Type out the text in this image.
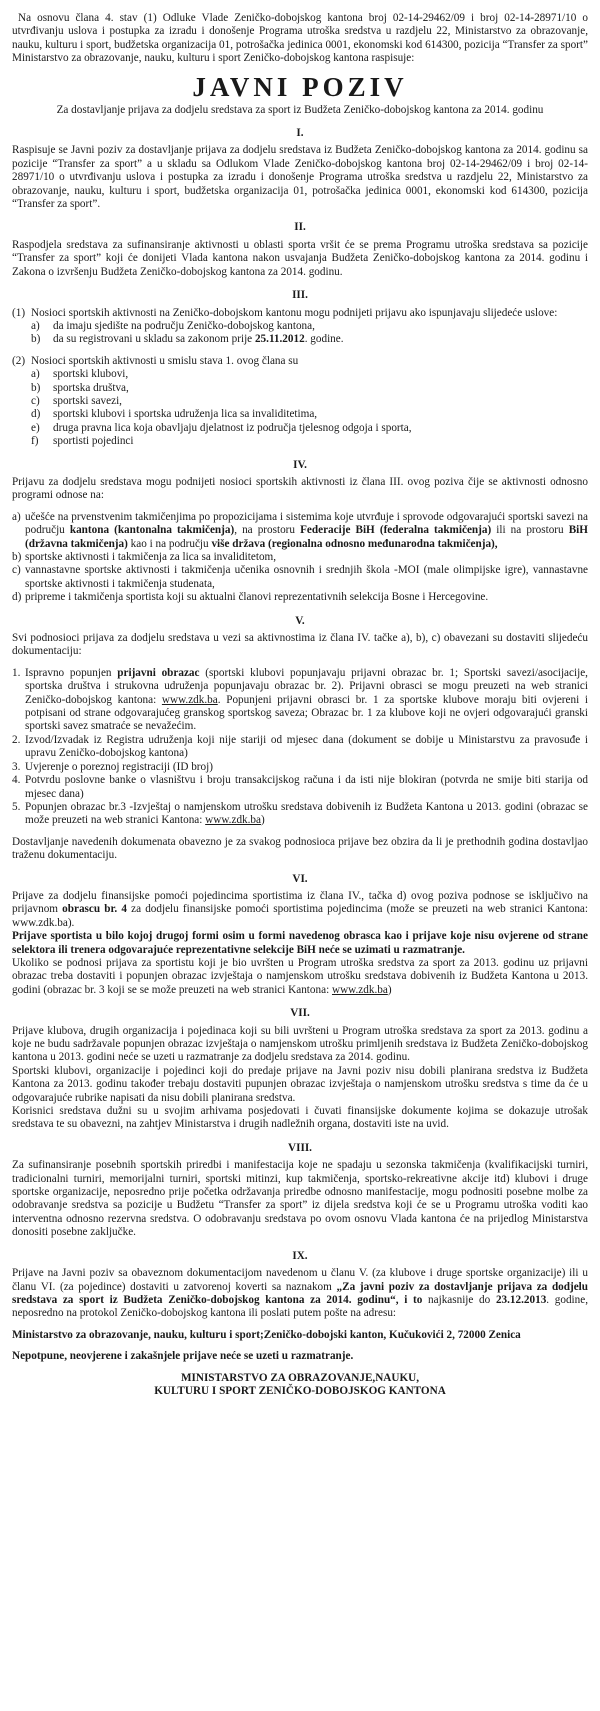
Na osnovu člana 4. stav (1) Odluke Vlade Zeničko-dobojskog kantona broj 02-14-29462/09 i broj 02-14-28971/10 o utvrđivanju uslova i postupka za izradu i donošenje Programa utroška sredstva u razdjelu 22, Ministarstvo za obrazovanje, nauku, kulturu i sport, budžetska organizacija 01, potrošačka jedinica 0001, ekonomski kod 614300, pozicija “Transfer za sport” Ministarstvo za obrazovanje, nauku, kulturu i sport Zeničko-dobojskog kantona raspisuje:

JAVNI POZIV

Za dostavljanje prijava za dodjelu sredstava za sport iz Budžeta Zeničko-dobojskog kantona za 2014. godinu

I.

Raspisuje se Javni poziv za dostavljanje prijava za dodjelu sredstava iz Budžeta Zeničko-dobojskog kantona za 2014. godinu sa pozicije “Transfer za sport” a u skladu sa Odlukom Vlade Zeničko-dobojskog kantona broj 02-14-29462/09 i broj 02-14-28971/10 o utvrđivanju uslova i postupka za izradu i donošenje Programa utroška sredstva u razdjelu 22, Ministarstvo za obrazovanje, nauku, kulturu i sport, budžetska organizacija 01, potrošačka jedinica 0001, ekonomski kod 614300, pozicija “Transfer za sport”.

II.

Raspodjela sredstava za sufinansiranje aktivnosti u oblasti sporta vršit će se prema Programu utroška sredstava sa pozicije “Transfer za sport” koji će donijeti Vlada kantona nakon usvajanja Budžeta Zeničko-dobojskog kantona za 2014. godinu i Zakona o izvršenju Budžeta Zeničko-dobojskog kantona za 2014. godinu.

III.
(1) Nosioci sportskih aktivnosti na Zeničko-dobojskom kantonu mogu podnijeti prijavu ako ispunjavaju slijedeće uslove:
a)	da imaju sjedište na području Zeničko-dobojskog kantona,
b)	da su registrovani u skladu sa zakonom prije 25.11.2012. godine.
(2) Nosioci sportskih aktivnosti u smislu stava 1. ovog člana su
a)	sportski klubovi,
b)	sportska društva,
c)	sportski savezi,
d)	sportski klubovi i sportska udruženja lica sa invaliditetima,
e)	druga pravna lica koja obavljaju djelatnost iz područja tjelesnog odgoja i sporta,
f)	sportisti pojedinci
IV.

Prijavu za dodjelu sredstava mogu podnijeti nosioci sportskih aktivnosti iz člana III. ovog poziva čije se aktivnosti odnosno programi odnose na:

a) učešće na prvenstvenim takmičenjima po propozicijama i sistemima koje utvrđuje i sprovode odgovarajući sportski savezi na području kantona (kantonalna takmičenja), na prostoru Federacije BiH (federalna takmičenja) ili na prostoru BiH (državna takmičenja) kao i na području više država (regionalna odnosno međunarodna takmičenja),
b) sportske aktivnosti i takmičenja za lica sa invaliditetom,
c) vannastavne sportske aktivnosti i takmičenja učenika osnovnih i srednjih škola -MOI (male olimpijske igre), vannastavne sportske aktivnosti i takmičenja studenata,
d) pripreme i takmičenja sportista koji su aktualni članovi reprezentativnih selekcija Bosne i Hercegovine.
V.

Svi podnosioci prijava za dodjelu sredstava u vezi sa aktivnostima iz člana IV. tačke a), b), c) obavezani su dostaviti slijedeću dokumentaciju:

1. Ispravno popunjen prijavni obrazac (sportski klubovi popunjavaju prijavni obrazac br. 1; Sportski savezi/asocijacije, sportska društva i strukovna udruženja popunjavaju obrazac br. 2). Prijavni obrasci se mogu preuzeti na web stranici Zeničko-dobojskog kantona: www.zdk.ba. Popunjeni prijavni obrasci br. 1 za sportske klubove moraju biti ovjereni i potpisani od strane odgovarajućeg granskog sportskog saveza; Obrazac br. 1 za klubove koji ne ovjeri odgovarajući granski sportski savez smatraće se nevažećim.
2. Izvod/Izvadak iz Registra udruženja koji nije stariji od mjesec dana (dokument se dobije u Ministarstvu za pravosuđe i upravu Zeničko-dobojskog kantona)
3. Uvjerenje o poreznoj registraciji (ID broj)
4. Potvrdu poslovne banke o vlasništvu i broju transakcijskog računa i da isti nije blokiran (potvrda ne smije biti starija od mjesec dana)
5. Popunjen obrazac br.3 -Izvještaj o namjenskom utrošku sredstava dobivenih iz Budžeta Kantona u 2013. godini (obrazac se može preuzeti na web stranici Kantona: www.zdk.ba)

Dostavljanje navedenih dokumenata obavezno je za svakog podnosioca prijave bez obzira da li je prethodnih godina dostavljao traženu dokumentaciju.

VI.

Prijave za dodjelu finansijske pomoći pojedincima sportistima iz člana IV., tačka d) ovog poziva podnose se isključivo na prijavnom obrascu br. 4 za dodjelu finansijske pomoći sportistima pojedincima (može se preuzeti na web stranici Kantona: www.zdk.ba).

Prijave sportista u bilo kojoj drugoj formi osim u formi navedenog obrasca kao i prijave koje nisu ovjerene od strane selektora ili trenera odgovarajuće reprezentativne selekcije BiH neće se uzimati u razmatranje.

Ukoliko se podnosi prijava za sportistu koji je bio uvršten u Program utroška sredstva za sport za 2013. godinu uz prijavni obrazac treba dostaviti i popunjen obrazac izvještaja o namjenskom utrošku sredstava dobivenih iz Budžeta Kantona u 2013. godini (obrazac br. 3 koji se se može preuzeti na web stranici Kantona: www.zdk.ba)

VII.

Prijave klubova, drugih organizacija i pojedinaca koji su bili uvršteni u Program utroška sredstava za sport za 2013. godinu a koje ne budu sadržavale popunjen obrazac izvještaja o namjenskom utrošku primljenih sredstava iz Budžeta Zeničko-dobojskog kantona u 2013. godini neće se uzeti u razmatranje za dodjelu sredstava za 2014. godinu.

Sportski klubovi, organizacije i pojedinci koji do predaje prijave na Javni poziv nisu dobili planirana sredstva iz Budžeta Kantona za 2013. godinu također trebaju dostaviti pupunjen obrazac izvještaja o namjenskom utrošku sredstva s time da će u odgovarajuće rubrike napisati da nisu dobili planirana sredstva.

Korisnici sredstava dužni su u svojim arhivama posjedovati i čuvati finansijske dokumente kojima se dokazuje utrošak sredstava te su obavezni, na zahtjev Ministarstva i drugih nadležnih organa, dostaviti iste na uvid.

VIII.

Za sufinansiranje posebnih sportskih priredbi i manifestacija koje ne spadaju u sezonska takmičenja (kvalifikacijski turniri, tradicionalni turniri, memorijalni turniri, sportski mitinzi, kup takmičenja, sportsko-rekreativne akcije itd) klubovi i druge sportske organizacije, neposredno prije početka održavanja priredbe odnosno manifestacije, mogu podnositi posebne molbe za odobravanje sredstva sa pozicije u Budžetu “Transfer za sport” iz dijela sredstva koji će se u Programu utroška voditi kao interventna odnosno rezervna sredstva. O odobravanju sredstava po ovom osnovu Vlada kantona će na prijedlog Ministarstva donositi posebne zaključke.

IX.

Prijave na Javni poziv sa obaveznom dokumentacijom navedenom u članu V. (za klubove i druge sportske organizacije) ili u članu VI. (za pojedince) dostaviti u zatvorenoj koverti sa naznakom „Za javni poziv za dostavljanje prijava za dodjelu sredstava za sport iz Budžeta Zeničko-dobojskog kantona za 2014. godinu“, i to najkasnije do 23.12.2013. godine, neposredno na protokol Zeničko-dobojskog kantona ili poslati putem pošte na adresu:

Ministarstvo za obrazovanje, nauku, kulturu i sport;Zeničko-dobojski kanton, Kučukovići 2, 72000 Zenica

Nepotpune, neovjerene i zakašnjele prijave neće se uzeti u razmatranje.

MINISTARSTVO ZA OBRAZOVANJE,NAUKU,
KULTURU I SPORT ZENIČKO-DOBOJSKOG KANTONA
